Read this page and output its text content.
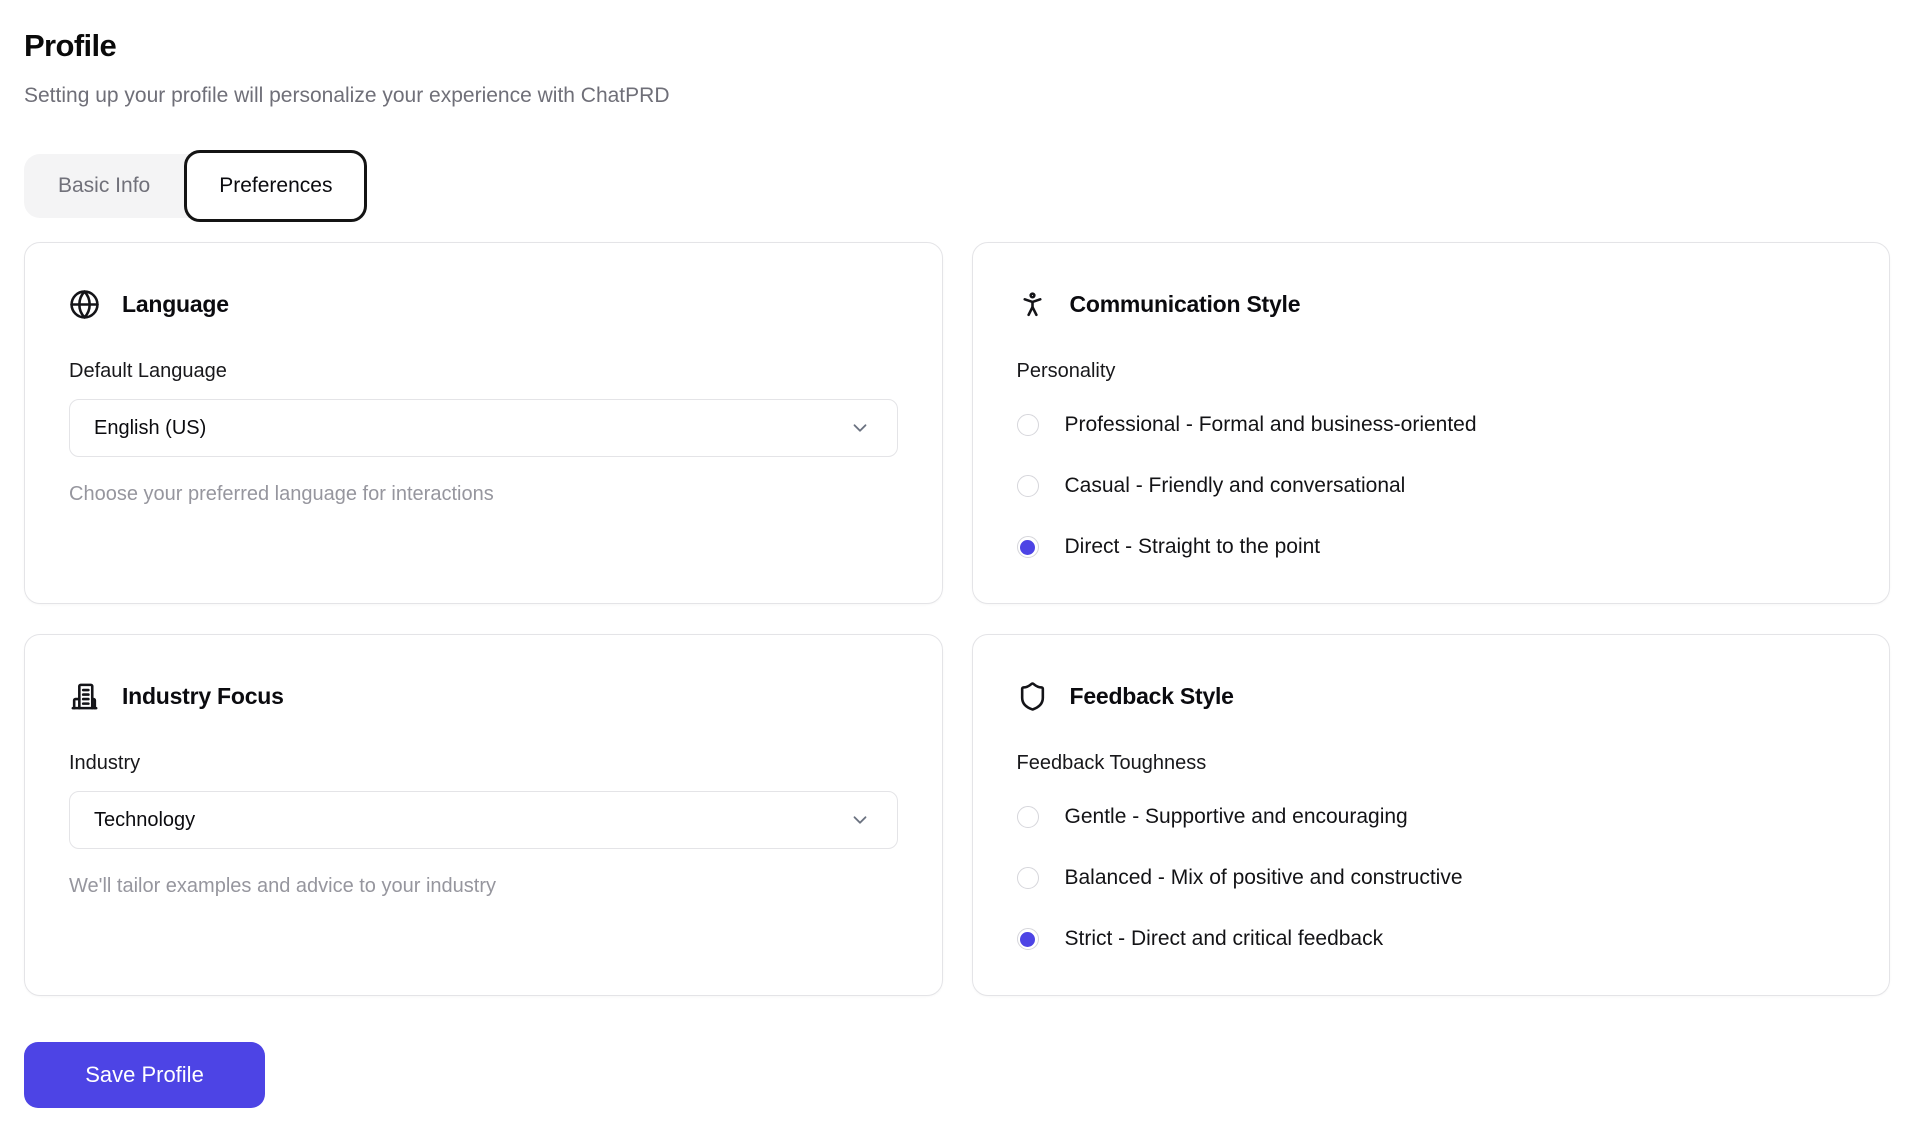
Profile

Setting up your profile will personalize your experience with ChatPRD

Basic Info	Preferences
Language
Default Language
English (US)
Choose your preferred language for interactions
Communication Style
Personality
Professional - Formal and business-oriented
Casual - Friendly and conversational
Direct - Straight to the point
Industry Focus
Industry
Technology
We'll tailor examples and advice to your industry
Feedback Style
Feedback Toughness
Gentle - Supportive and encouraging
Balanced - Mix of positive and constructive
Strict - Direct and critical feedback
Save Profile
